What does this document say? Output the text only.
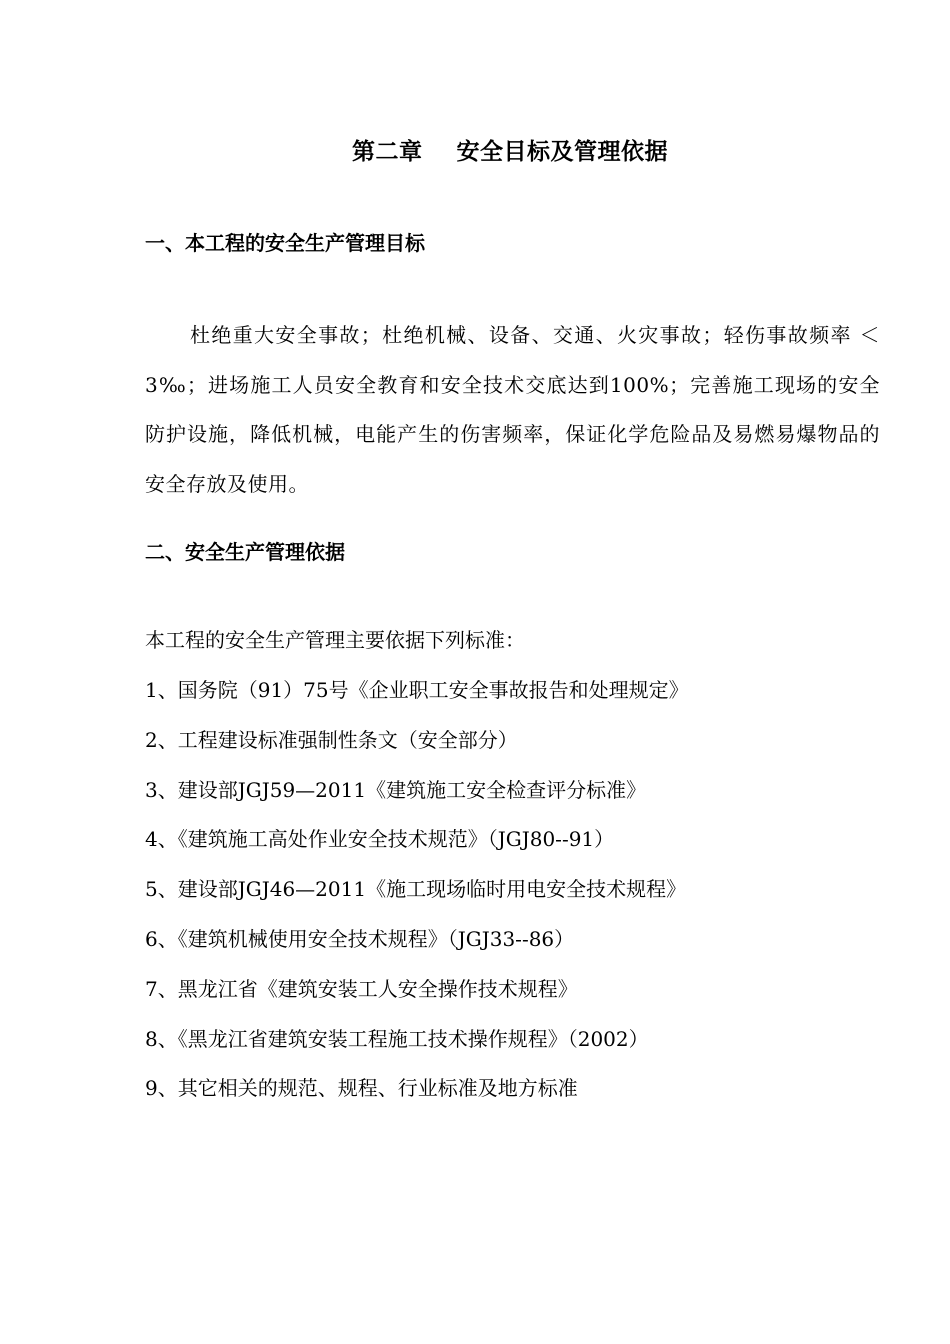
第二章    安全目标及管理依据
一、本工程的安全生产管理目标

杜绝重大安全事故；杜绝机械、设备、交通、火灾事故；轻伤事故频率 ＜3‰；进场施工人员安全教育和安全技术交底达到100%；完善施工现场的安全防护设施，降低机械，电能产生的伤害频率，保证化学危险品及易燃易爆物品的安全存放及使用。

二、安全生产管理依据
本工程的安全生产管理主要依据下列标准：
1、国务院（91）75号《企业职工安全事故报告和处理规定》
2、工程建设标准强制性条文（安全部分）
3、建设部JGJ59—2011《建筑施工安全检查评分标准》
4、《建筑施工高处作业安全技术规范》（JGJ80--91）
5、建设部JGJ46—2011《施工现场临时用电安全技术规程》
6、《建筑机械使用安全技术规程》（JGJ33--86）
7、黑龙江省《建筑安装工人安全操作技术规程》
8、《黑龙江省建筑安装工程施工技术操作规程》（2002）
9、其它相关的规范、规程、行业标准及地方标准
